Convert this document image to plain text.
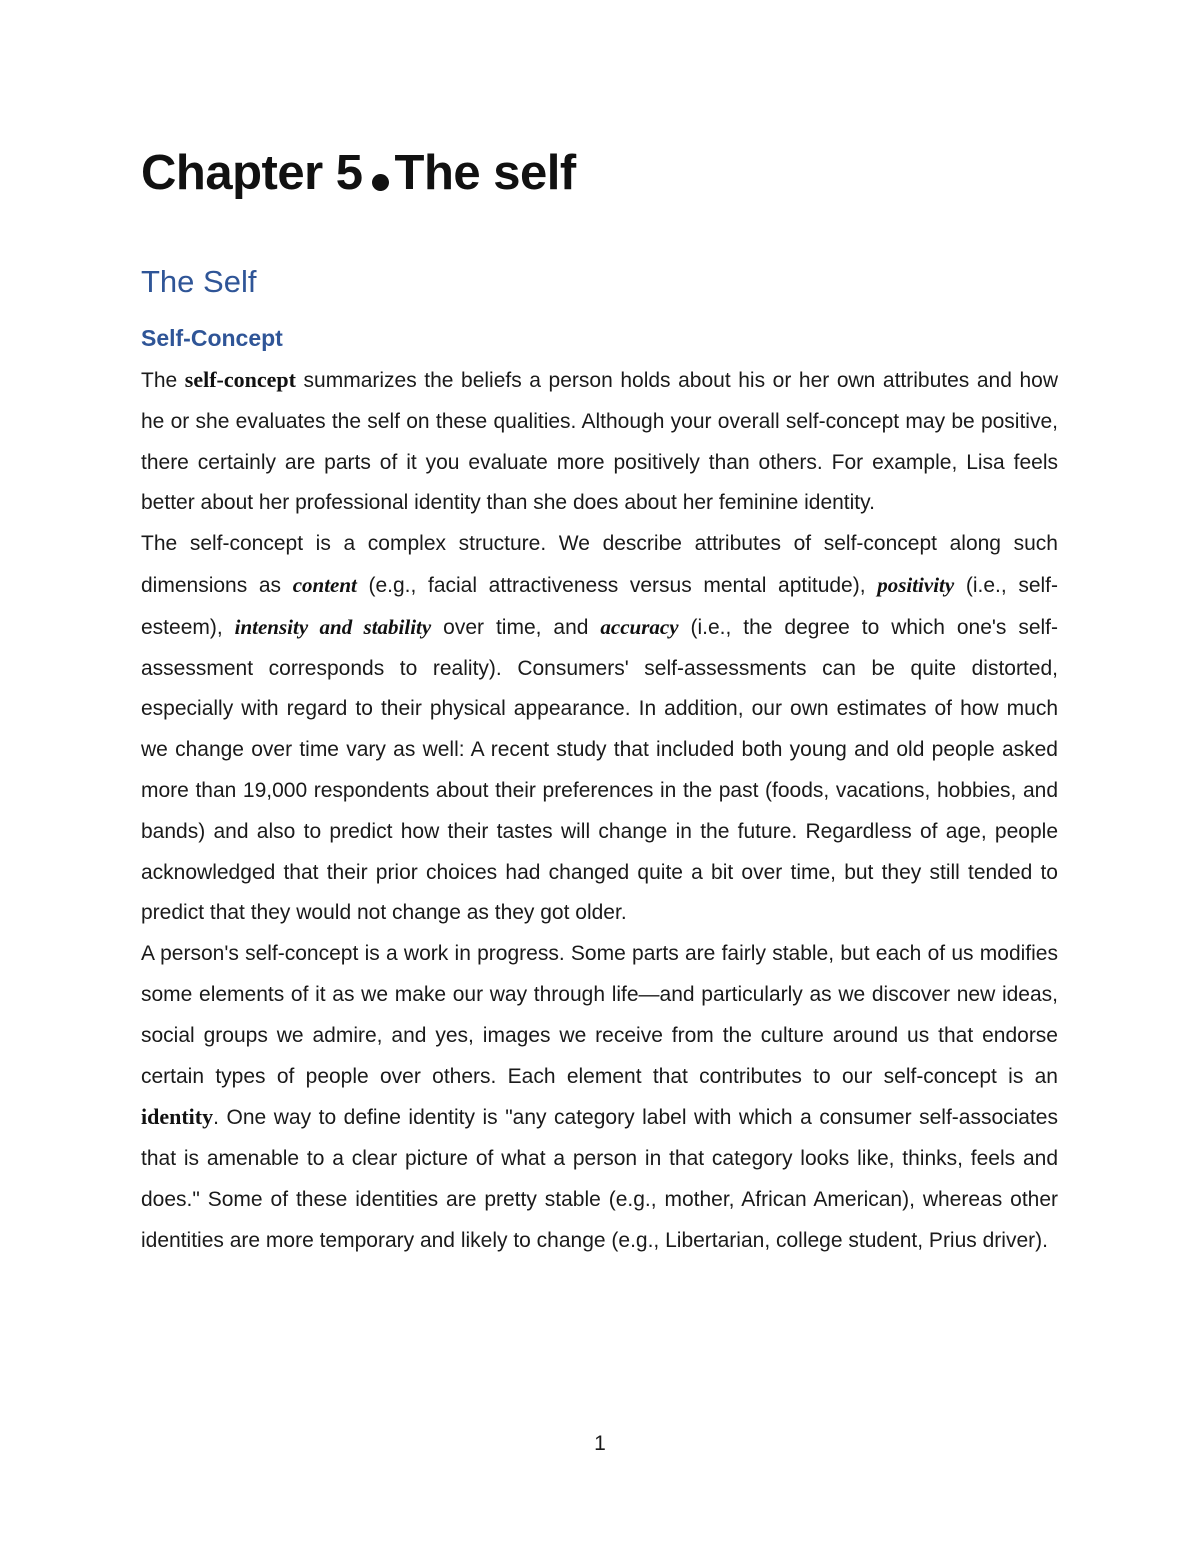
Chapter 5 The self
The Self
Self-Concept

The self-concept summarizes the beliefs a person holds about his or her own attributes and how he or she evaluates the self on these qualities. Although your overall self-concept may be positive, there certainly are parts of it you evaluate more positively than others. For example, Lisa feels better about her professional identity than she does about her feminine identity.

The self-concept is a complex structure. We describe attributes of self-concept along such dimensions as content (e.g., facial attractiveness versus mental aptitude), positivity (i.e., self-esteem), intensity and stability over time, and accuracy (i.e., the degree to which one's self-assessment corresponds to reality). Consumers' self-assessments can be quite distorted, especially with regard to their physical appearance. In addition, our own estimates of how much we change over time vary as well: A recent study that included both young and old people asked more than 19,000 respondents about their preferences in the past (foods, vacations, hobbies, and bands) and also to predict how their tastes will change in the future. Regardless of age, people acknowledged that their prior choices had changed quite a bit over time, but they still tended to predict that they would not change as they got older.

A person's self-concept is a work in progress. Some parts are fairly stable, but each of us modifies some elements of it as we make our way through life—and particularly as we discover new ideas, social groups we admire, and yes, images we receive from the culture around us that endorse certain types of people over others. Each element that contributes to our self-concept is an identity. One way to define identity is "any category label with which a consumer self-associates that is amenable to a clear picture of what a person in that category looks like, thinks, feels and does." Some of these identities are pretty stable (e.g., mother, African American), whereas other identities are more temporary and likely to change (e.g., Libertarian, college student, Prius driver).

1
